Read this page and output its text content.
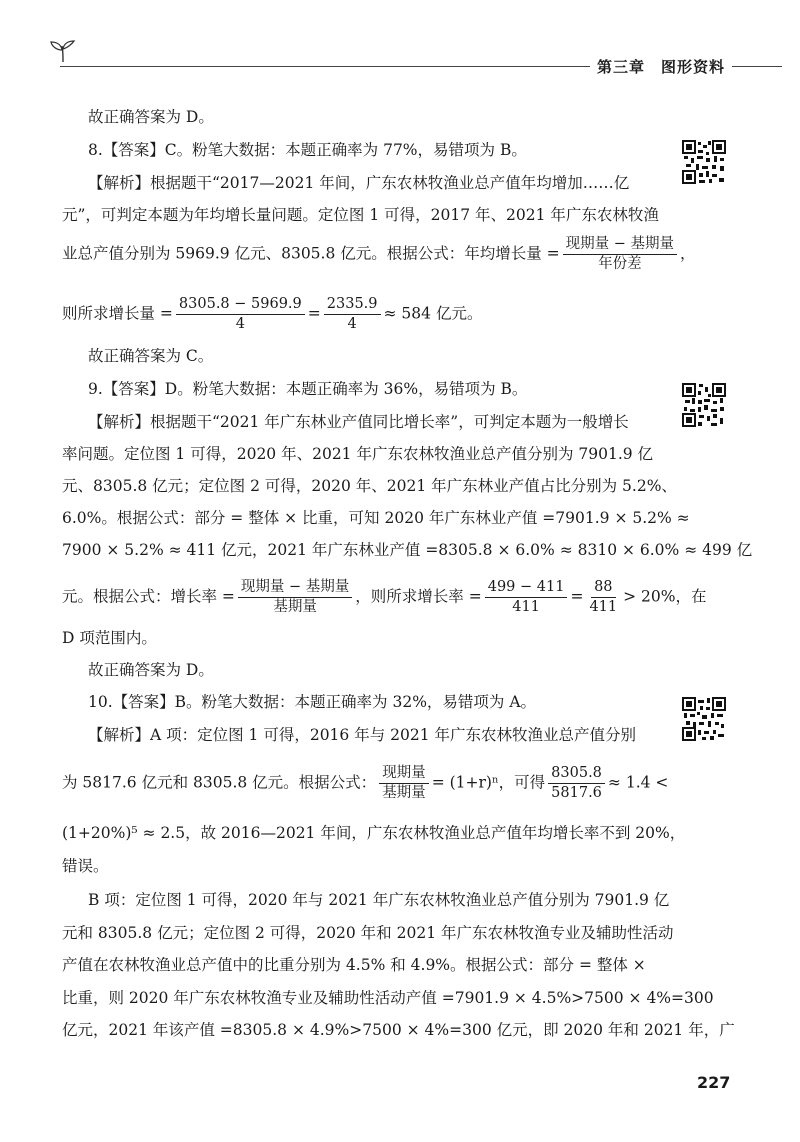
第三章 图形资料
故正确答案为 D。
8.【答案】C。粉笔大数据：本题正确率为 77%，易错项为 B。
【解析】根据题干“2017—2021 年间，广东农林牧渔业总产值年均增加……亿
元”，可判定本题为年均增长量问题。定位图 1 可得，2017 年、2021 年广东农林牧渔
业总产值分别为 5969.9 亿元、8305.8 亿元。根据公式：年均增长量 = $\frac{\text{现期量 − 基期量}}{\text{年份差}}$ ，
则所求增长量 = $\frac{8305.8 - 5969.9}{4} = \frac{2335.9}{4} \approx 584$ 亿元。
故正确答案为 C。
9.【答案】D。粉笔大数据：本题正确率为 36%，易错项为 B。
【解析】根据题干“2021 年广东林业产值同比增长率”，可判定本题为一般增长
率问题。定位图 1 可得，2020 年、2021 年广东农林牧渔业总产值分别为 7901.9 亿
元、8305.8 亿元；定位图 2 可得，2020 年、2021 年广东林业产值占比分别为 5.2%、
6.0%。根据公式：部分 = 整体 × 比重，可知 2020 年广东林业产值 =7901.9 × 5.2% ≈
7900 × 5.2% ≈ 411 亿元，2021 年广东林业产值 =8305.8 × 6.0% ≈ 8310 × 6.0% ≈ 499 亿
元。根据公式：增长率 = $\frac{\text{现期量 − 基期量}}{\text{基期量}}$ ，则所求增长率 = $\frac{499 - 411}{411} = \frac{88}{411} > 20\%$，在
D 项范围内。
故正确答案为 D。
10.【答案】B。粉笔大数据：本题正确率为 32%，易错项为 A。
【解析】A 项：定位图 1 可得，2016 年与 2021 年广东农林牧渔业总产值分别
为 5817.6 亿元和 8305.8 亿元。根据公式： $\frac{\text{现期量}}{\text{基期量}} = (1+r)^n$，可得 $\frac{8305.8}{5817.6} \approx 1.4$ <
(1+20%)⁵ ≈ 2.5，故 2016—2021 年间，广东农林牧渔业总产值年均增长率不到 20%，
错误。
B 项：定位图 1 可得，2020 年与 2021 年广东农林牧渔业总产值分别为 7901.9 亿
元和 8305.8 亿元；定位图 2 可得，2020 年和 2021 年广东农林牧渔专业及辅助性活动
产值在农林牧渔业总产值中的比重分别为 4.5% 和 4.9%。根据公式：部分 = 整体 ×
比重，则 2020 年广东农林牧渔专业及辅助性活动产值 =7901.9 × 4.5%>7500 × 4%=300
亿元，2021 年该产值 =8305.8 × 4.9%>7500 × 4%=300 亿元，即 2020 年和 2021 年，广
227
